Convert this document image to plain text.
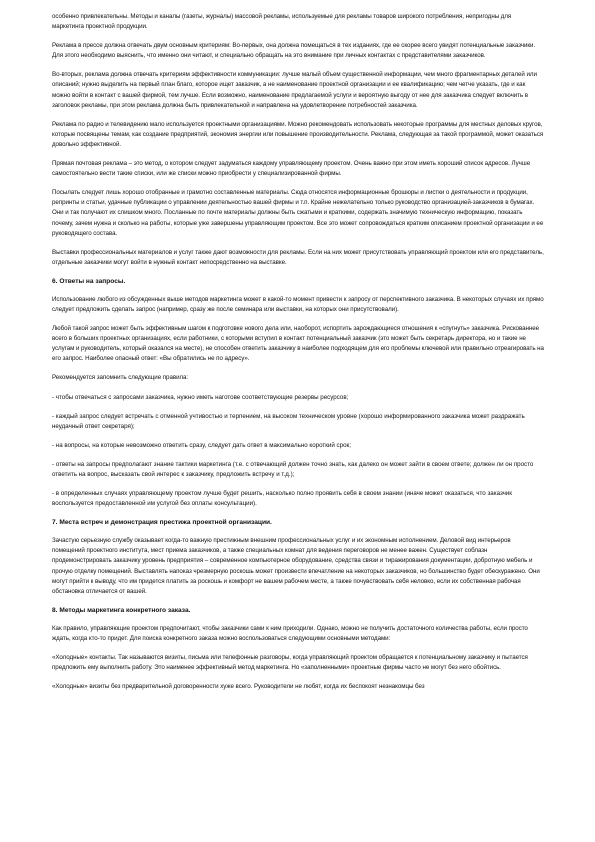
особенно привлекательны. Методы и каналы (газеты, журналы) массовой рекламы, используемые для рекламы товаров широкого потребления, непригодны для маркетинга проектной продукции.

Реклама в прессе должна отвечать двум основным критериям: Во-первых, она должна помещаться в тех изданиях, где ее скорее всего увидят потенциальные заказчики. Для этого необходимо выяснить, что именно они читают, и специально обращать на это внимание при личных контактах с представителями заказчиков.

Во-вторых, реклама должна отвечать критериям эффективности коммуникации: лучше малый объем существенной информации, чем много фрагментарных деталей или описаний; нужно выделить на первый план благо, которое ищет заказчик, а не наименование проектной организации и ее квалификацию; чем четче указать, где и как можно войти в контакт с вашей фирмой, тем лучше. Если возможно, наименование предлагаемой услуги и вероятную выгоду от нее для заказчика следует включить в заголовок рекламы, при этом реклама должна быть привлекательной и направлена на удовлетворение потребностей заказчика.

Реклама по радио и телевидению мало используется проектными организациями. Можно рекомендовать использовать некоторые программы для местных деловых кругов, которые посвящены темам, как создание предприятий, экономия энергии или повышение производительности. Реклама, следующая за такой программой, может оказаться довольно эффективной.

Прямая почтовая реклама – это метод, о котором следует задуматься каждому управляющему проектом. Очень важно при этом иметь хороший список адресов. Лучше самостоятельно вести такие списки, или же списки можно приобрести у специализированной фирмы.

Посылать следует лишь хорошо отобранные и грамотно составленные материалы. Сюда относятся информационные брошюры и листки о деятельности и продукции, репринты и статьи, удачные публикации о управлении деятельностью вашей фирмы и т.п. Крайне нежелательно только руководство организацией-заказчиков в бумагах. Они и так получают их слишком много. Посланные по почте материалы должны быть сжатыми и краткими, содержать значимую техническую информацию, показать почему, зачем нужна и сколько на работы, которые уже завершены управляющим проектом. Все это может сопровождаться кратким описанием проектной организации и ее руководящего состава.

Выставки профессиональных материалов и услуг также дают возможности для рекламы. Если на них может присутствовать управляющий проектом или его представитель, отдельные заказчики могут войти в нужный контакт непосредственно на выставке.

6. Ответы на запросы.

Использование любого из обсужденных выше методов маркетинга может в какой-то момент привести к запросу от перспективного заказчика. В некоторых случаях их прямо следует предложить сделать запрос (например, сразу же после семинара или выставки, на которых они присутствовали).

Любой такой запрос может быть эффективным шагом к подготовке нового дела или, наоборот, испортить зарождающиеся отношения к «спугнуть» заказчика. Рискованнее всего в больших проектных организациях, если работники, с которыми вступил в контакт потенциальный заказчик (это может быть секретарь директора, но и такие не услугам и руководитель, который оказался на месте), не способен ответить заказчику в наиболее подходящем для его проблемы ключевой или правильно отреагировать на его запрос. Наиболее опасный ответ: «Вы обратились не по адресу».

Рекомендуется запомнить следующие правила:

- чтобы отвечаться с запросами заказчика, нужно иметь наготове соответствующие резервы ресурсов;

- каждый запрос следует встречать с отменной учтивостью и терпением, на высоком техническом уровне (хорошо информированного заказчика может раздражать неудачный ответ секретаря);

- на вопросы, на которые невозможно ответить сразу, следует дать ответ в максимально короткий срок;

- ответы на запросы предполагают знание тактики маркетинга (т.е. с отвечающий должен точно знать, как далеко он может зайти в своем ответе; должен ли он просто ответить на вопрос, высказать свой интерес к заказчику, предложить встречу и т.д.);

- в определенных случаях управляющему проектом лучше будет решить, насколько полно проявить себя в своем знании (иначе может оказаться, что заказчик воспользуется предоставленной им услугой без оплаты консультации).

7. Места встреч и демонстрация престижа проектной организации.

Зачастую серьезную службу оказывает когда-то важную престижным внешним профессиональных услуг и их экономным исполнением. Деловой вид интерьеров помещений проектного института, мест приема заказчиков, а также специальных комнат для ведения переговоров не менее важен. Существует соблазн продемонстрировать заказчику уровень предприятия – современное компьютерное оборудование, средства связи и тиражирования документации, добротную мебель и прочую отделку помещений. Выставлять напоказ чрезмерную роскошь может произвести впечатление на некоторых заказчиков, но большинство будет обескуражено. Они могут прийти к выводу, что им придется платить за роскошь и комфорт не вашем рабочем месте, а также почувствовать себя неловко, если их собственная рабочая обстановка отличается от вашей.

8. Методы маркетинга конкретного заказа.

Как правило, управляющие проектом предпочитают, чтобы заказчики сами к ним приходили. Однако, можно не получить достаточного количества работы, если просто ждать, когда кто-то придет. Для поиска конкретного заказа можно воспользоваться следующими основными методами:

«Холодные» контакты. Так называются визиты, письма или телефонные разговоры, когда управляющий проектом обращается к потенциальному заказчику и пытается предложить ему выполнить работу. Это наименее эффективный метод маркетинга. Но «заполненными» проектные фирмы часто не могут без него обойтись.

«Холодные» визиты без предварительной договоренности хуже всего. Руководители не любят, когда их беспокоят незнакомцы без
